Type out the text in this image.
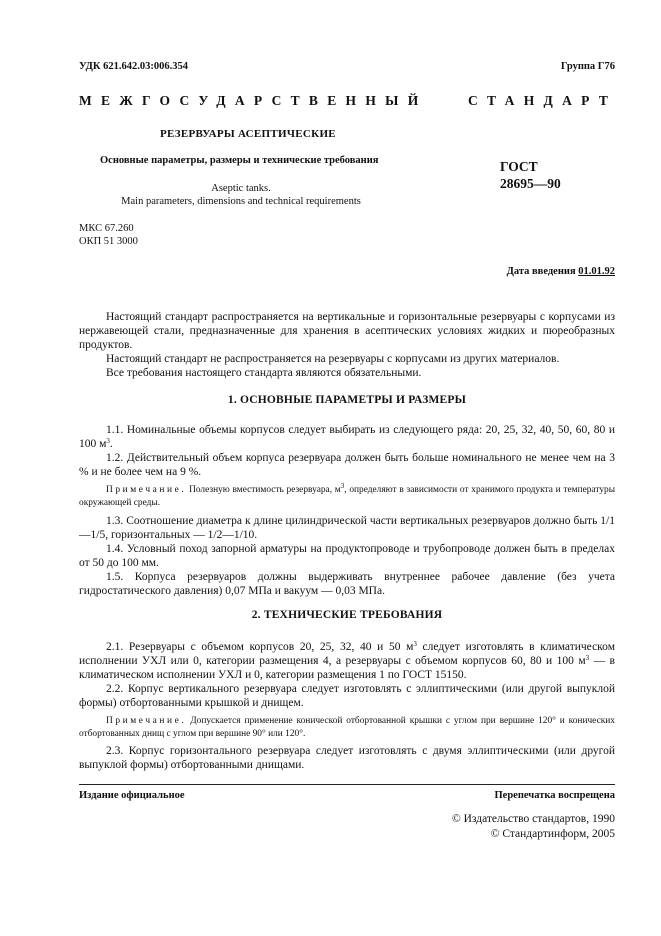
УДК 621.642.03:006.354	Группа Г76
МЕЖГОСУДАРСТВЕННЫЙ	СТАНДАРТ
РЕЗЕРВУАРЫ АСЕПТИЧЕСКИЕ
Основные параметры, размеры и технические требования	ГОСТ
28695—90
Aseptic tanks.
Main parameters, dimensions and technical requirements
МКС 67.260
ОКП 51 3000
Дата введения 01.01.92
Настоящий стандарт распространяется на вертикальные и горизонтальные резервуары с корпусами из нержавеющей стали, предназначенные для хранения в асептических условиях жидких и пюреобразных продуктов.
Настоящий стандарт не распространяется на резервуары с корпусами из других материалов.
Все требования настоящего стандарта являются обязательными.
1. ОСНОВНЫЕ ПАРАМЕТРЫ И РАЗМЕРЫ
1.1. Номинальные объемы корпусов следует выбирать из следующего ряда: 20, 25, 32, 40, 50, 60, 80 и 100 $м^3$.
1.2. Действительный объем корпуса резервуара должен быть больше номинального не менее чем на 3 % и не более чем на 9 %.
Примечание. Полезную вместимость резервуара, $м^3$, определяют в зависимости от хранимого продукта и температуры окружающей среды.
1.3. Соотношение диаметра к длине цилиндрической части вертикальных резервуаров должно быть 1/1—1/5, горизонтальных — 1/2—1/10.
1.4. Условный поход запорной арматуры на продуктопроводе и трубопроводе должен быть в пределах от 50 до 100 мм.
1.5. Корпуса резервуаров должны выдерживать внутреннее рабочее давление (без учета гидростатического давления) 0,07 МПа и вакуум — 0,03 МПа.
2. ТЕХНИЧЕСКИЕ ТРЕБОВАНИЯ
2.1. Резервуары с объемом корпусов 20, 25, 32, 40 и 50 $м^3$ следует изготовлять в климатическом исполнении УХЛ или 0, категории размещения 4, а резервуары с объемом корпусов 60, 80 и 100 $м^3$ — в климатическом исполнении УХЛ и 0, категории размещения 1 по ГОСТ 15150.
2.2. Корпус вертикального резервуара следует изготовлять с эллиптическими (или другой выпуклой формы) отбортованными крышкой и днищем.
Примечание. Допускается применение конической отбортованной крышки с углом при вершине 120° и конических отбортованных днищ с углом при вершине 90° или 120°.
2.3. Корпус горизонтального резервуара следует изготовлять с двумя эллиптическими (или другой выпуклой формы) отбортованными днищами.
Издание официальное	Перепечатка воспрещена
© Издательство стандартов, 1990
© Стандартинформ, 2005
